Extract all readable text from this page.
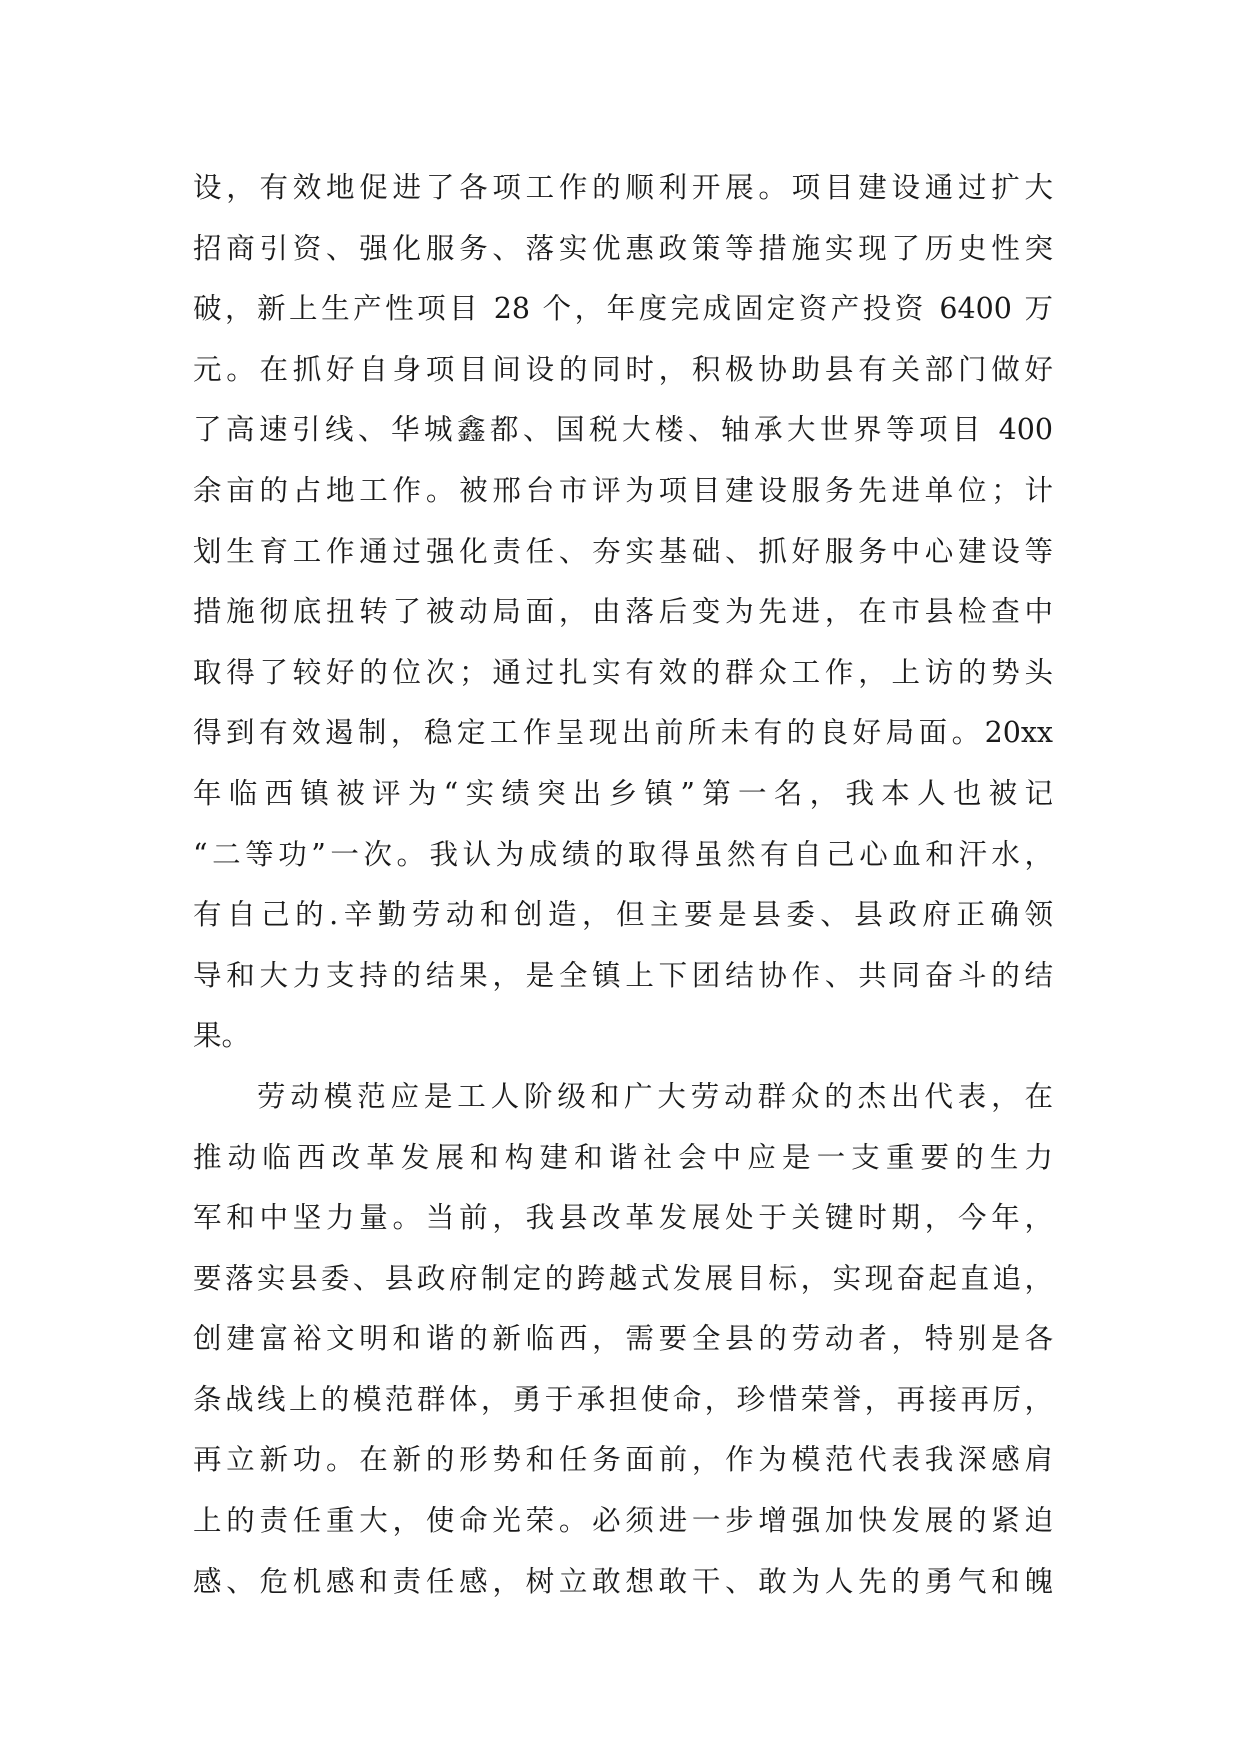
设，有效地促进了各项工作的顺利开展。项目建设通过扩大
招商引资、强化服务、落实优惠政策等措施实现了历史性突
破，新上生产性项目 28 个，年度完成固定资产投资 6400 万
元。在抓好自身项目间设的同时，积极协助县有关部门做好
了高速引线、华城鑫都、国税大楼、轴承大世界等项目 400
余亩的占地工作。被邢台市评为项目建设服务先进单位；计
划生育工作通过强化责任、夯实基础、抓好服务中心建设等
措施彻底扭转了被动局面，由落后变为先进，在市县检查中
取得了较好的位次；通过扎实有效的群众工作，上访的势头
得到有效遏制，稳定工作呈现出前所未有的良好局面。20xx
年临西镇被评为“实绩突出乡镇”第一名，我本人也被记
“二等功”一次。我认为成绩的取得虽然有自己心血和汗水，
有自己的.辛勤劳动和创造，但主要是县委、县政府正确领
导和大力支持的结果，是全镇上下团结协作、共同奋斗的结
果。
劳动模范应是工人阶级和广大劳动群众的杰出代表，在
推动临西改革发展和构建和谐社会中应是一支重要的生力
军和中坚力量。当前，我县改革发展处于关键时期，今年，
要落实县委、县政府制定的跨越式发展目标，实现奋起直追，
创建富裕文明和谐的新临西，需要全县的劳动者，特别是各
条战线上的模范群体，勇于承担使命，珍惜荣誉，再接再厉，
再立新功。在新的形势和任务面前，作为模范代表我深感肩
上的责任重大，使命光荣。必须进一步增强加快发展的紧迫
感、危机感和责任感，树立敢想敢干、敢为人先的勇气和魄
